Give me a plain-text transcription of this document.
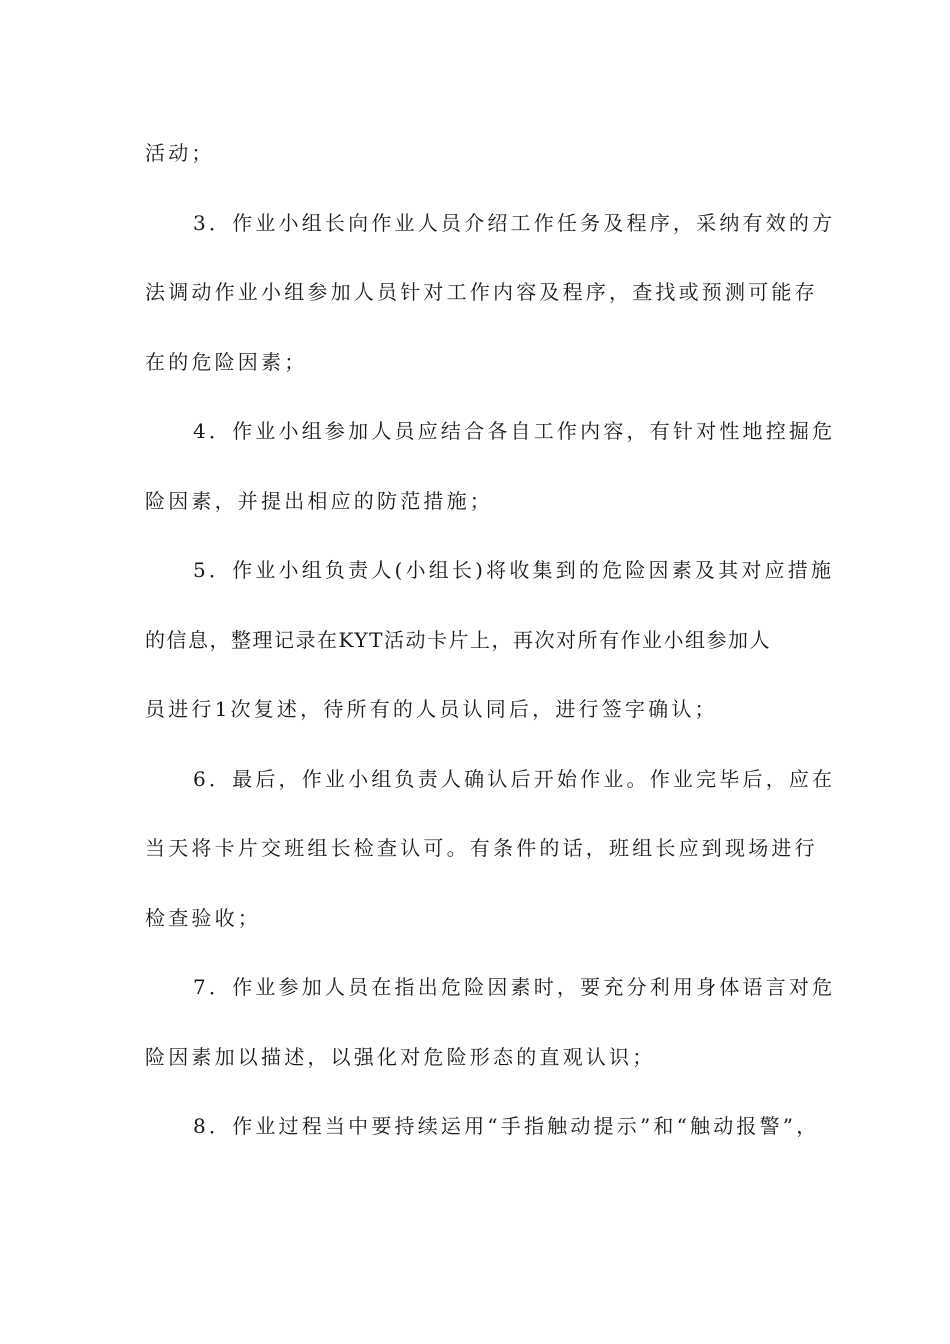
活动；
3．作业小组长向作业人员介绍工作任务及程序，采纳有效的方
法调动作业小组参加人员针对工作内容及程序，查找或预测可能存
在的危险因素；
4．作业小组参加人员应结合各自工作内容，有针对性地控掘危
险因素，并提出相应的防范措施；
5．作业小组负责人(小组长)将收集到的危险因素及其对应措施
的信息，整理记录在KYT活动卡片上，再次对所有作业小组参加人
员进行1次复述，待所有的人员认同后，进行签字确认；
6．最后，作业小组负责人确认后开始作业。作业完毕后，应在
当天将卡片交班组长检查认可。有条件的话，班组长应到现场进行
检查验收；
7．作业参加人员在指出危险因素时，要充分利用身体语言对危
险因素加以描述，以强化对危险形态的直观认识；
8．作业过程当中要持续运用“手指触动提示”和“触动报警”，
